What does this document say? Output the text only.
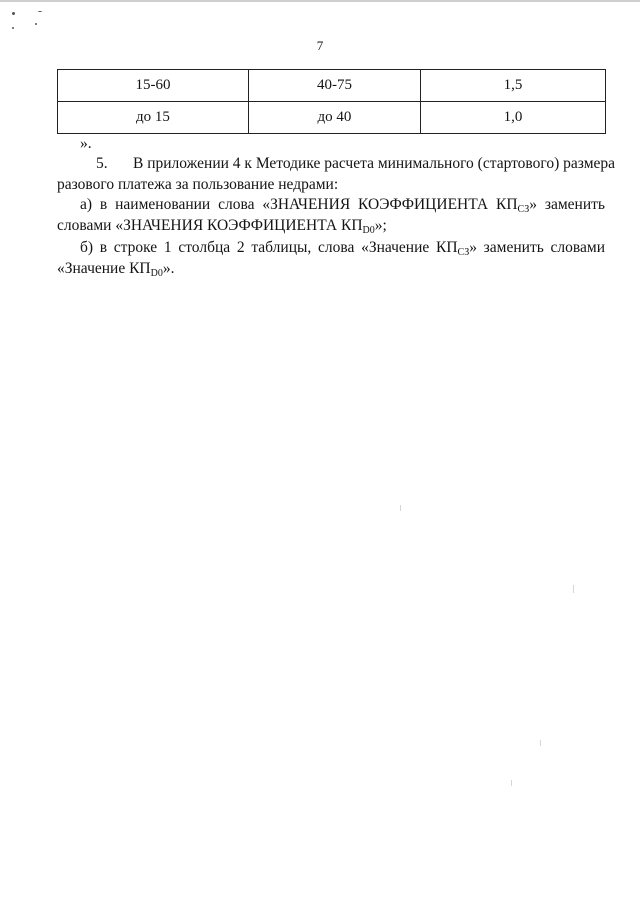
7
15-60	40-75	1,5
до 15	до 40	1,0
».
5. В приложении 4 к Методике расчета минимального (стартового) размера
разового платежа за пользование недрами:
а) в наименовании слова «ЗНАЧЕНИЯ КОЭФФИЦИЕНТА $КП_{СЗ}$» заменить
словами «ЗНАЧЕНИЯ КОЭФФИЦИЕНТА $КП_{D0}$»;
б) в строке 1 столбца 2 таблицы, слова «Значение $КП_{СЗ}$» заменить словами
«Значение $КП_{D0}$».
